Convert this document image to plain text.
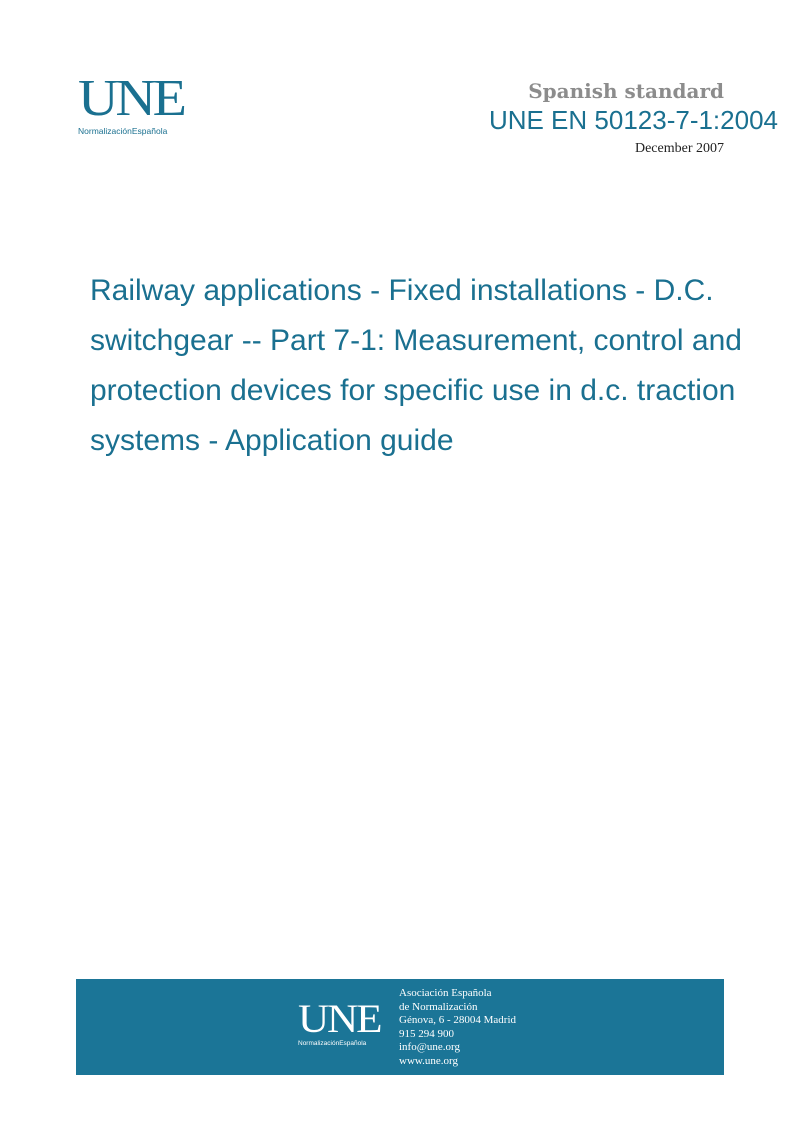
UNE
NormalizaciónEspañola
Spanish standard
UNE EN 50123-7-1:2004
December 2007
Railway applications - Fixed installations - D.C. switchgear -- Part 7-1: Measurement, control and protection devices for specific use in d.c. traction systems - Application guide
UNE
NormalizaciónEspañola
Asociación Española
de Normalización
Génova, 6 - 28004 Madrid
915 294 900
info@une.org
www.une.org
